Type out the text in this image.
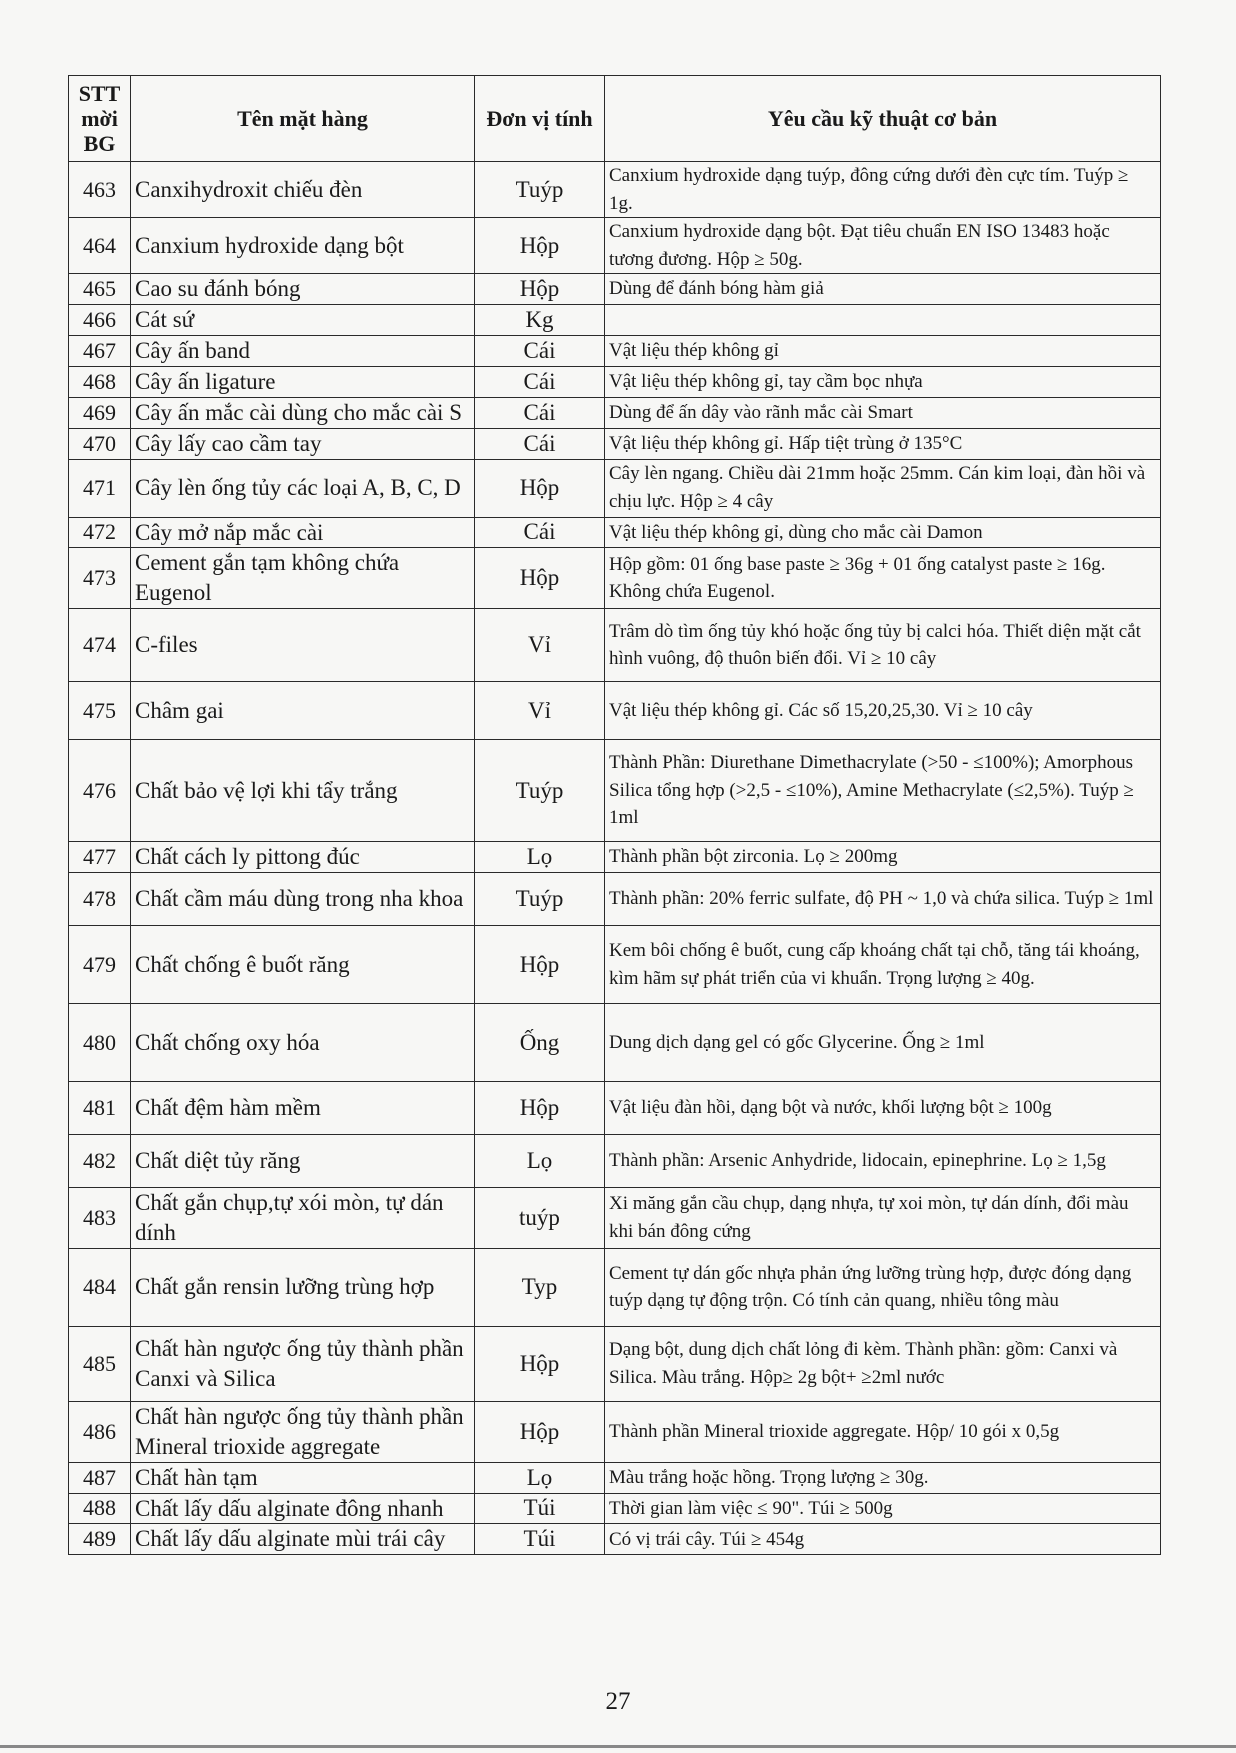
STT mời BG	Tên mặt hàng	Đơn vị tính	Yêu cầu kỹ thuật cơ bản
463	Canxihydroxit chiếu đèn	Tuýp	Canxium hydroxide dạng tuýp, đông cứng dưới đèn cực tím. Tuýp ≥ 1g.
464	Canxium hydroxide dạng bột	Hộp	Canxium hydroxide dạng bột. Đạt tiêu chuẩn EN ISO 13483 hoặc tương đương. Hộp ≥ 50g.
465	Cao su đánh bóng	Hộp	Dùng để đánh bóng hàm giả
466	Cát sứ	Kg	
467	Cây ấn band	Cái	Vật liệu thép không gỉ
468	Cây ấn ligature	Cái	Vật liệu thép không gỉ, tay cầm bọc nhựa
469	Cây ấn mắc cài dùng cho mắc cài S	Cái	Dùng để ấn dây vào rãnh mắc cài Smart
470	Cây lấy cao cầm tay	Cái	Vật liệu thép không gỉ. Hấp tiệt trùng ở 135°C
471	Cây lèn ống tủy các loại A, B, C, D	Hộp	Cây lèn ngang. Chiều dài 21mm hoặc 25mm. Cán kim loại, đàn hồi và chịu lực. Hộp ≥ 4 cây
472	Cây mở nắp mắc cài	Cái	Vật liệu thép không gỉ, dùng cho mắc cài Damon
473	Cement gắn tạm không chứa Eugenol	Hộp	Hộp gồm: 01 ống base paste ≥ 36g + 01 ống catalyst paste ≥ 16g. Không chứa Eugenol.
474	C-files	Vỉ	Trâm dò tìm ống tủy khó hoặc ống tủy bị calci hóa. Thiết diện mặt cắt hình vuông, độ thuôn biến đổi. Vỉ ≥ 10 cây
475	Châm gai	Vỉ	Vật liệu thép không gỉ. Các số 15,20,25,30. Vỉ ≥ 10 cây
476	Chất bảo vệ lợi khi tẩy trắng	Tuýp	Thành Phần: Diurethane Dimethacrylate (>50 - ≤100%); Amorphous Silica tổng hợp (>2,5 - ≤10%), Amine Methacrylate (≤2,5%). Tuýp ≥ 1ml
477	Chất cách ly pittong đúc	Lọ	Thành phần bột zirconia. Lọ ≥ 200mg
478	Chất cầm máu dùng trong nha khoa	Tuýp	Thành phần: 20% ferric sulfate, độ PH ~ 1,0 và chứa silica. Tuýp ≥ 1ml
479	Chất chống ê buốt răng	Hộp	Kem bôi chống ê buốt, cung cấp khoáng chất tại chỗ, tăng tái khoáng, kìm hãm sự phát triển của vi khuẩn. Trọng lượng ≥ 40g.
480	Chất chống oxy hóa	Ống	Dung dịch dạng gel có gốc Glycerine. Ống ≥ 1ml
481	Chất đệm hàm mềm	Hộp	Vật liệu đàn hồi, dạng bột và nước, khối lượng bột ≥ 100g
482	Chất diệt tủy răng	Lọ	Thành phần: Arsenic Anhydride, lidocain, epinephrine. Lọ ≥ 1,5g
483	Chất gắn chụp,tự xói mòn, tự dán dính	tuýp	Xi măng gắn cầu chụp, dạng nhựa, tự xoi mòn, tự dán dính, đổi màu khi bán đông cứng
484	Chất gắn rensin lưỡng trùng hợp	Typ	Cement tự dán gốc nhựa phản ứng lưỡng trùng hợp, được đóng dạng tuýp dạng tự động trộn. Có tính cản quang, nhiều tông màu
485	Chất hàn ngược ống tủy thành phần Canxi và Silica	Hộp	Dạng bột, dung dịch chất lỏng đi kèm. Thành phần: gồm: Canxi và Silica. Màu trắng. Hộp≥ 2g bột+ ≥2ml nước
486	Chất hàn ngược ống tủy thành phần Mineral trioxide aggregate	Hộp	Thành phần Mineral trioxide aggregate. Hộp/ 10 gói x 0,5g
487	Chất hàn tạm	Lọ	Màu trắng hoặc hồng. Trọng lượng ≥ 30g.
488	Chất lấy dấu alginate đông nhanh	Túi	Thời gian làm việc ≤ 90". Túi ≥ 500g
489	Chất lấy dấu alginate mùi trái cây	Túi	Có vị trái cây. Túi ≥ 454g
27
